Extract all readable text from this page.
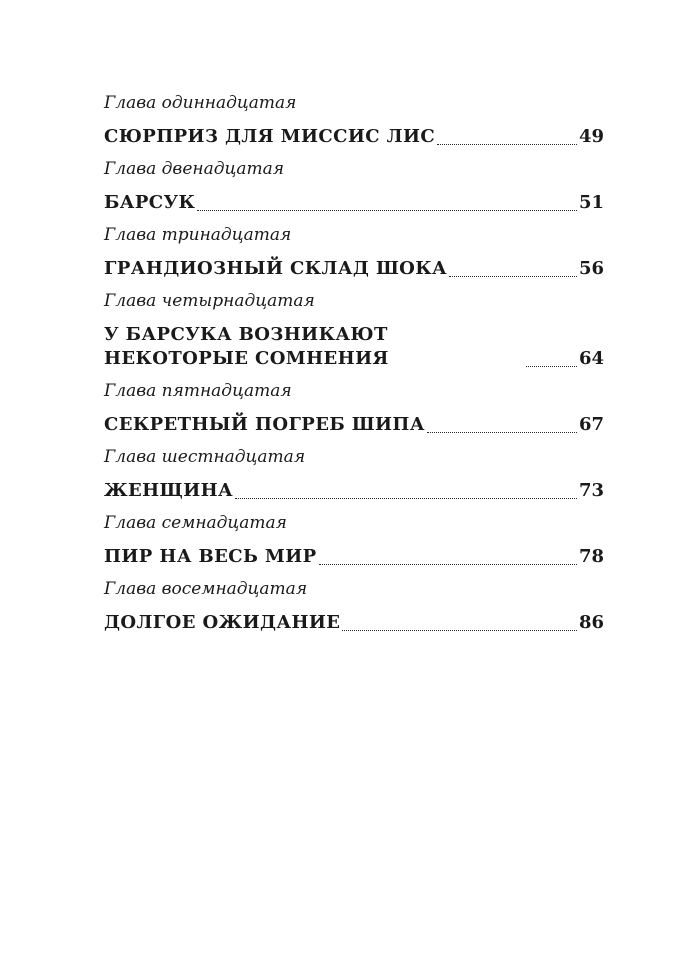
Глава одиннадцатая
СЮРПРИЗ ДЛЯ МИССИС ЛИС	49
Глава двенадцатая
БАРСУК	51
Глава тринадцатая
ГРАНДИОЗНЫЙ СКЛАД ШОКА	56
Глава четырнадцатая
У БАРСУКА ВОЗНИКАЮТ НЕКОТОРЫЕ СОМНЕНИЯ	64
Глава пятнадцатая
СЕКРЕТНЫЙ ПОГРЕБ ШИПА	67
Глава шестнадцатая
ЖЕНЩИНА	73
Глава семнадцатая
ПИР НА ВЕСЬ МИР	78
Глава восемнадцатая
ДОЛГОЕ ОЖИДАНИЕ	86
